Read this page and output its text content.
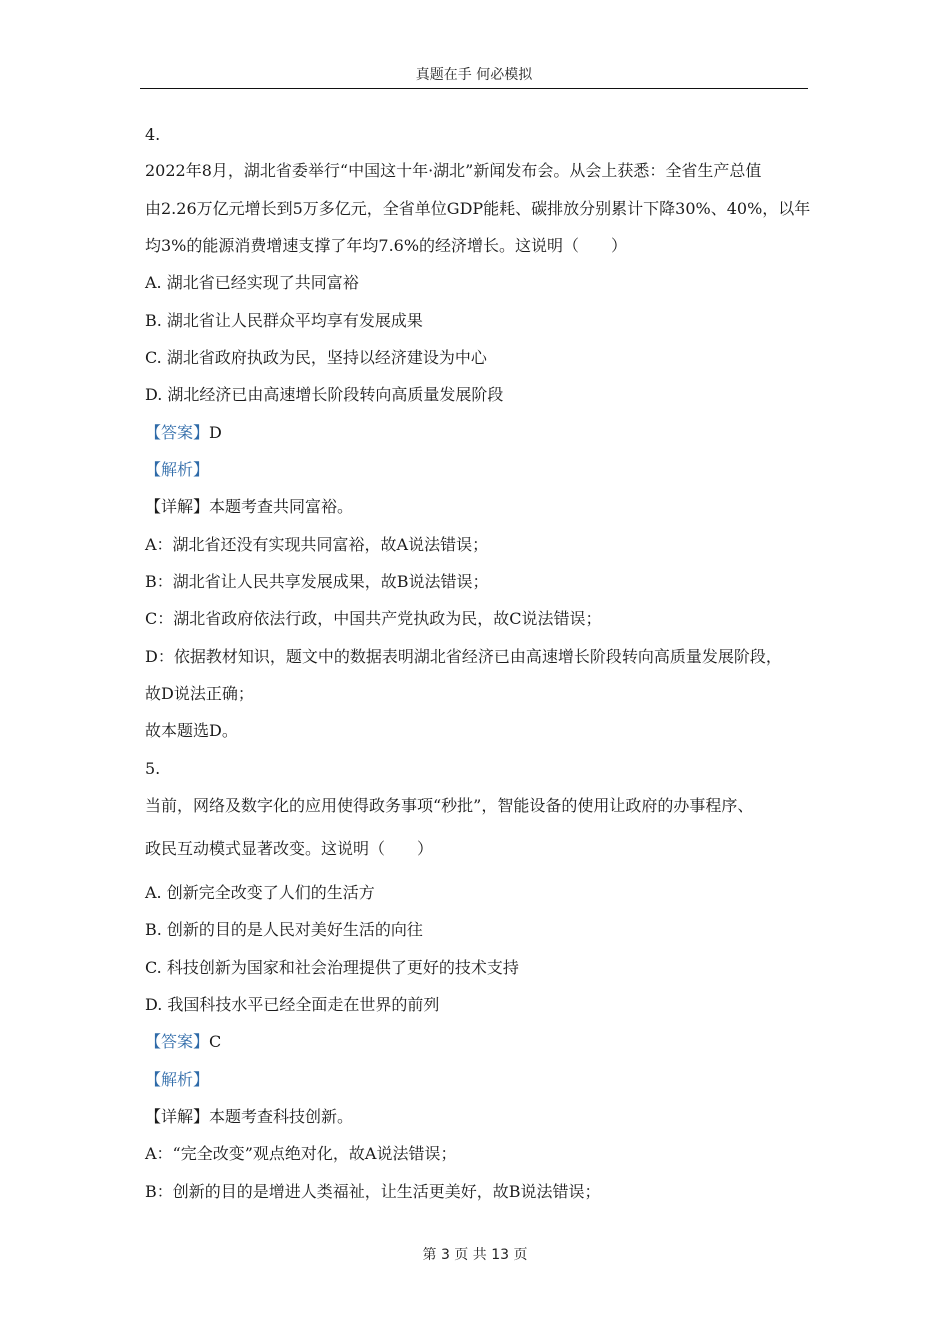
真题在手 何必模拟
4.
2022年8月，湖北省委举行“中国这十年·湖北”新闻发布会。从会上获悉：全省生产总值
由2.26万亿元增长到5万多亿元，全省单位GDP能耗、碳排放分别累计下降30%、40%，以年
均3%的能源消费增速支撑了年均7.6%的经济增长。这说明（　　）
A. 湖北省已经实现了共同富裕
B. 湖北省让人民群众平均享有发展成果
C. 湖北省政府执政为民，坚持以经济建设为中心
D. 湖北经济已由高速增长阶段转向高质量发展阶段
【答案】D
【解析】
【详解】本题考查共同富裕。
A：湖北省还没有实现共同富裕，故A说法错误；
B：湖北省让人民共享发展成果，故B说法错误；
C：湖北省政府依法行政，中国共产党执政为民，故C说法错误；
D：依据教材知识，题文中的数据表明湖北省经济已由高速增长阶段转向高质量发展阶段，
故D说法正确；
故本题选D。
5.
当前，网络及数字化的应用使得政务事项“秒批”，智能设备的使用让政府的办事程序、
政民互动模式显著改变。这说明（　　）
A. 创新完全改变了人们的生活方
B. 创新的目的是人民对美好生活的向往
C. 科技创新为国家和社会治理提供了更好的技术支持
D. 我国科技水平已经全面走在世界的前列
【答案】C
【解析】
【详解】本题考查科技创新。
A：“完全改变”观点绝对化，故A说法错误；
B：创新的目的是增进人类福祉，让生活更美好，故B说法错误；
第 3 页 共 13 页
